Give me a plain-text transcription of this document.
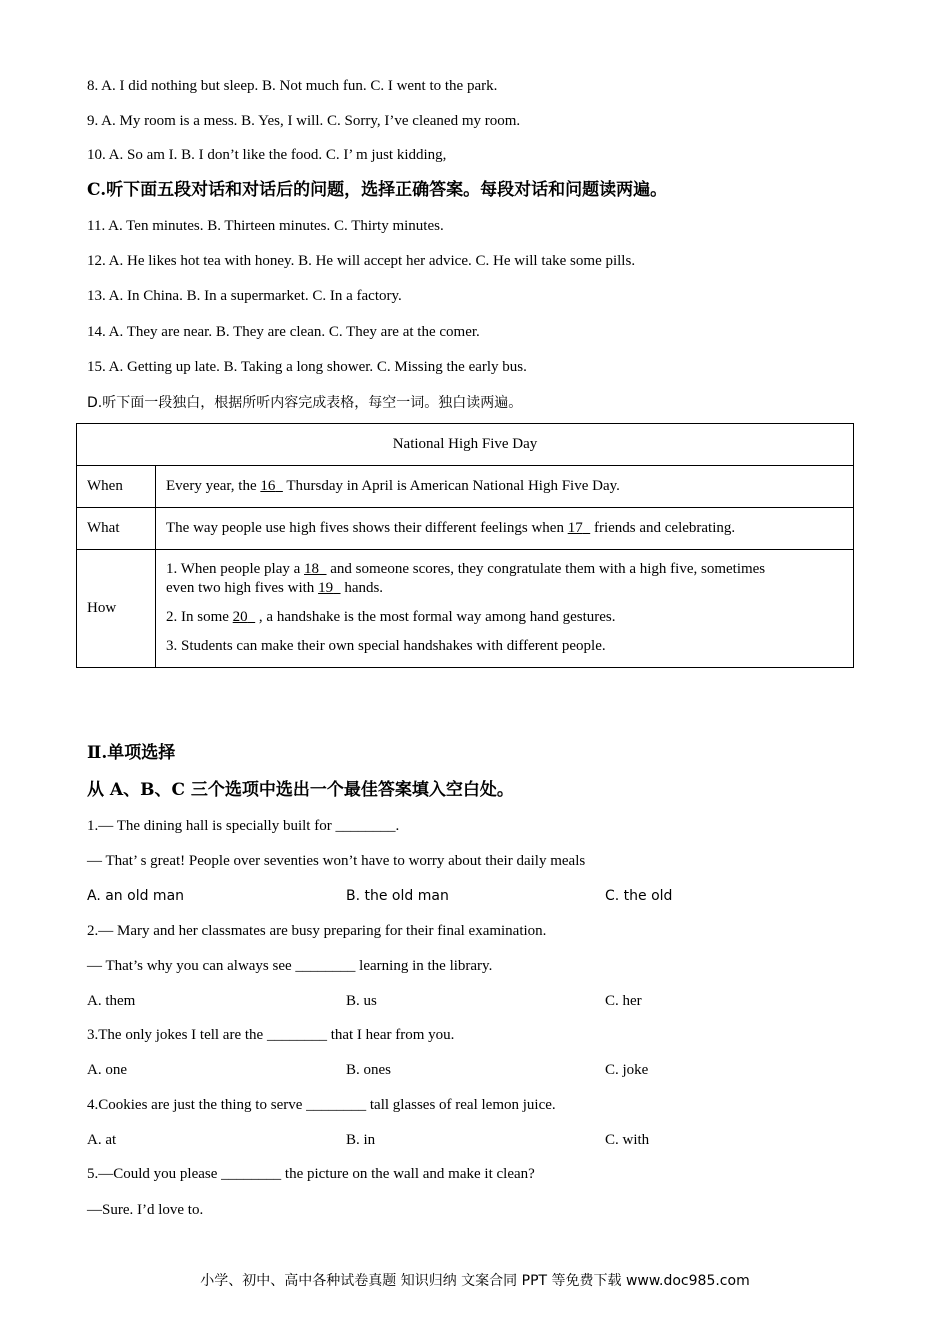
8. A. I did nothing but sleep. B. Not much fun. C. I went to the park.
9. A. My room is a mess. B. Yes, I will. C. Sorry, I’ve cleaned my room.
10. A. So am I. B. I don’t like the food. C. I’ m just kidding,
C.听下面五段对话和对话后的问题，选择正确答案。每段对话和问题读两遍。
11. A. Ten minutes. B. Thirteen minutes. C. Thirty minutes.
12. A. He likes hot tea with honey. B. He will accept her advice. C. He will take some pills.
13. A. In China. B. In a supermarket. C. In a factory.
14. A. They are near. B. They are clean. C. They are at the comer.
15. A. Getting up late. B. Taking a long shower. C. Missing the early bus.
D.听下面一段独白，根据所听内容完成表格，每空一词。独白读两遍。
National High Five Day	
When	Every year, the 16   Thursday in April is American National High Five Day.
What	The way people use high fives shows their different feelings when 17   friends and celebrating.
How	1. When people play a 18   and someone scores, they congratulate them with a high five, sometimes
even two high fives with 19   hands.
2. In some 20   , a handshake is the most formal way among hand gestures.
3. Students can make their own special handshakes with different people.
Ⅱ.单项选择
从 A、B、C 三个选项中选出一个最佳答案填入空白处。
1.— The dining hall is specially built for ________.
— That’ s great! People over seventies won’t have to worry about their daily meals
A. an old man	B. the old man	C. the old
2.— Mary and her classmates are busy preparing for their final examination.
— That’s why you can always see ________ learning in the library.
A. them	B. us	C. her
3.The only jokes I tell are the ________ that I hear from you.
A. one	B. ones	C. joke
4.Cookies are just the thing to serve ________ tall glasses of real lemon juice.
A. at	B. in	C. with
5.—Could you please ________ the picture on the wall and make it clean?
—Sure. I’d love to.
小学、初中、高中各种试卷真题 知识归纳 文案合同 PPT 等免费下载 www.doc985.com
